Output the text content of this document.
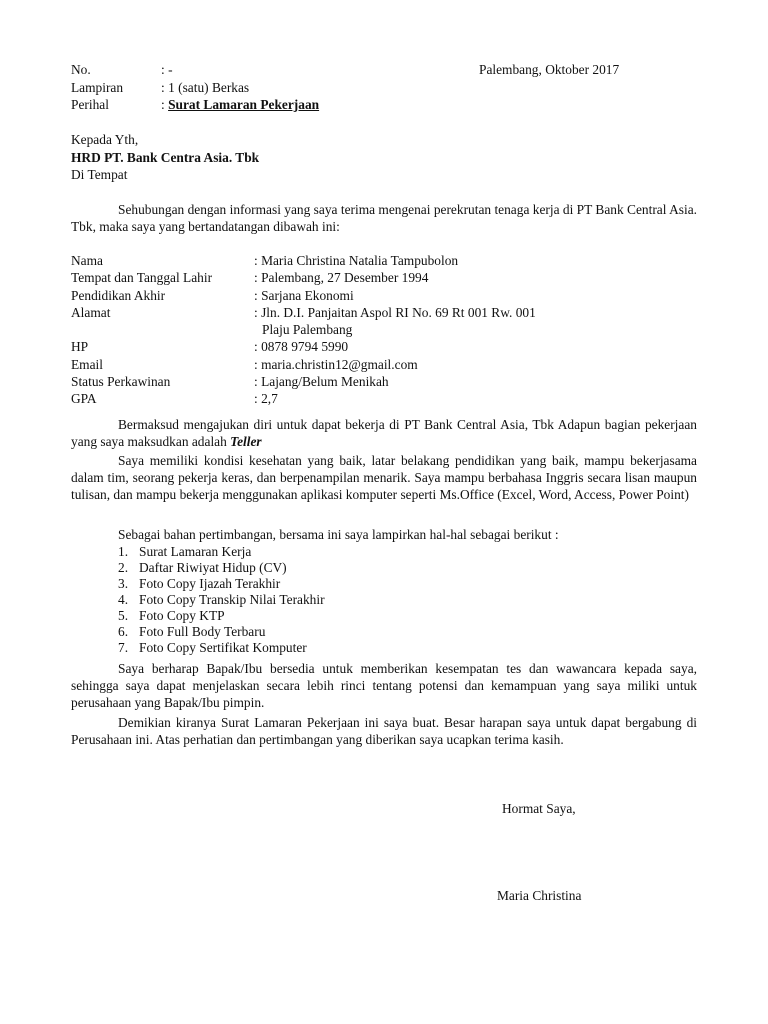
No.	: -
Lampiran	: 1 (satu) Berkas
Perihal	: Surat Lamaran Pekerjaan
Palembang, Oktober 2017
Kepada Yth,
HRD PT. Bank Centra Asia. Tbk
Di Tempat
Sehubungan dengan informasi yang saya terima mengenai perekrutan tenaga kerja di PT Bank Central Asia. Tbk, maka saya yang bertandatangan dibawah ini:
Nama	: Maria Christina Natalia Tampubolon
Tempat dan Tanggal Lahir	: Palembang, 27 Desember 1994
Pendidikan Akhir	: Sarjana Ekonomi
Alamat	: Jln. D.I. Panjaitan Aspol RI No. 69 Rt 001 Rw. 001
Plaju Palembang
HP	: 0878 9794 5990
Email	: maria.christin12@gmail.com
Status Perkawinan	: Lajang/Belum Menikah
GPA	: 2,7
Bermaksud mengajukan diri untuk dapat bekerja di PT Bank Central Asia, Tbk Adapun bagian pekerjaan yang saya maksudkan adalah Teller
Saya memiliki kondisi kesehatan yang baik, latar belakang pendidikan yang baik, mampu bekerjasama dalam tim, seorang pekerja keras, dan berpenampilan menarik. Saya mampu berbahasa Inggris secara lisan maupun tulisan, dan mampu bekerja menggunakan aplikasi komputer seperti Ms.Office (Excel, Word, Access, Power Point)
Sebagai bahan pertimbangan, bersama ini saya lampirkan hal-hal sebagai berikut :
1. Surat Lamaran Kerja
2. Daftar Riwiyat Hidup (CV)
3. Foto Copy Ijazah Terakhir
4. Foto Copy Transkip Nilai Terakhir
5. Foto Copy KTP
6. Foto Full Body Terbaru
7. Foto Copy Sertifikat Komputer
Saya berharap Bapak/Ibu bersedia untuk memberikan kesempatan tes dan wawancara kepada saya, sehingga saya dapat menjelaskan secara lebih rinci tentang potensi dan kemampuan yang saya miliki untuk perusahaan yang Bapak/Ibu pimpin.
Demikian kiranya Surat Lamaran Pekerjaan ini saya buat. Besar harapan saya untuk dapat bergabung di Perusahaan ini. Atas perhatian dan pertimbangan yang diberikan saya ucapkan terima kasih.
Hormat Saya,
Maria Christina
